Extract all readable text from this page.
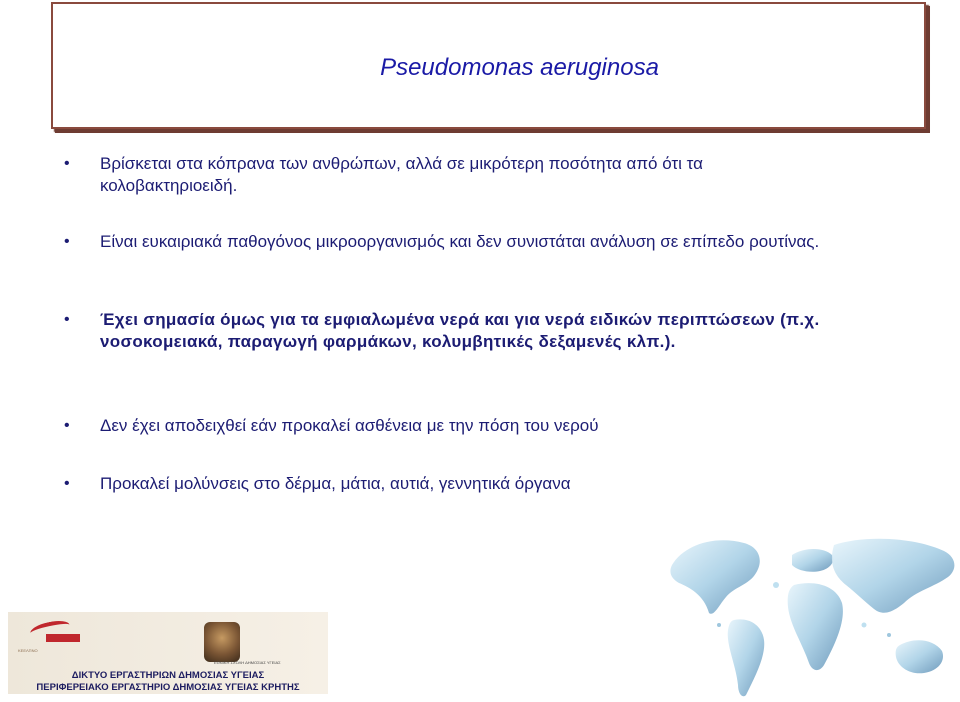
Pseudomonas aeruginosa
•	Βρίσκεται στα κόπρανα των ανθρώπων, αλλά σε μικρότερη ποσότητα από ότι τα κολοβακτηριοειδή.
•	Είναι ευκαιριακά παθογόνος μικροοργανισμός και δεν συνιστάται ανάλυση σε επίπεδο ρουτίνας.
•	Έχει σημασία όμως για τα εμφιαλωμένα νερά και για νερά ειδικών περιπτώσεων (π.χ. νοσοκομειακά, παραγωγή φαρμάκων, κολυμβητικές δεξαμενές κλπ.).
•	Δεν έχει αποδειχθεί εάν προκαλεί ασθένεια με την πόση του νερού
•	Προκαλεί μολύνσεις στο δέρμα, μάτια, αυτιά, γεννητικά όργανα
ΚΕΕΛΠΝΟ
ΕΘΝΙΚΗ ΣΧΟΛΗ ΔΗΜΟΣΙΑΣ ΥΓΕΙΑΣ
ΔΙΚΤΥΟ ΕΡΓΑΣΤΗΡΙΩΝ ΔΗΜΟΣΙΑΣ ΥΓΕΙΑΣ
ΠΕΡΙΦΕΡΕΙΑΚΟ ΕΡΓΑΣΤΗΡΙΟ ΔΗΜΟΣΙΑΣ ΥΓΕΙΑΣ ΚΡΗΤΗΣ
